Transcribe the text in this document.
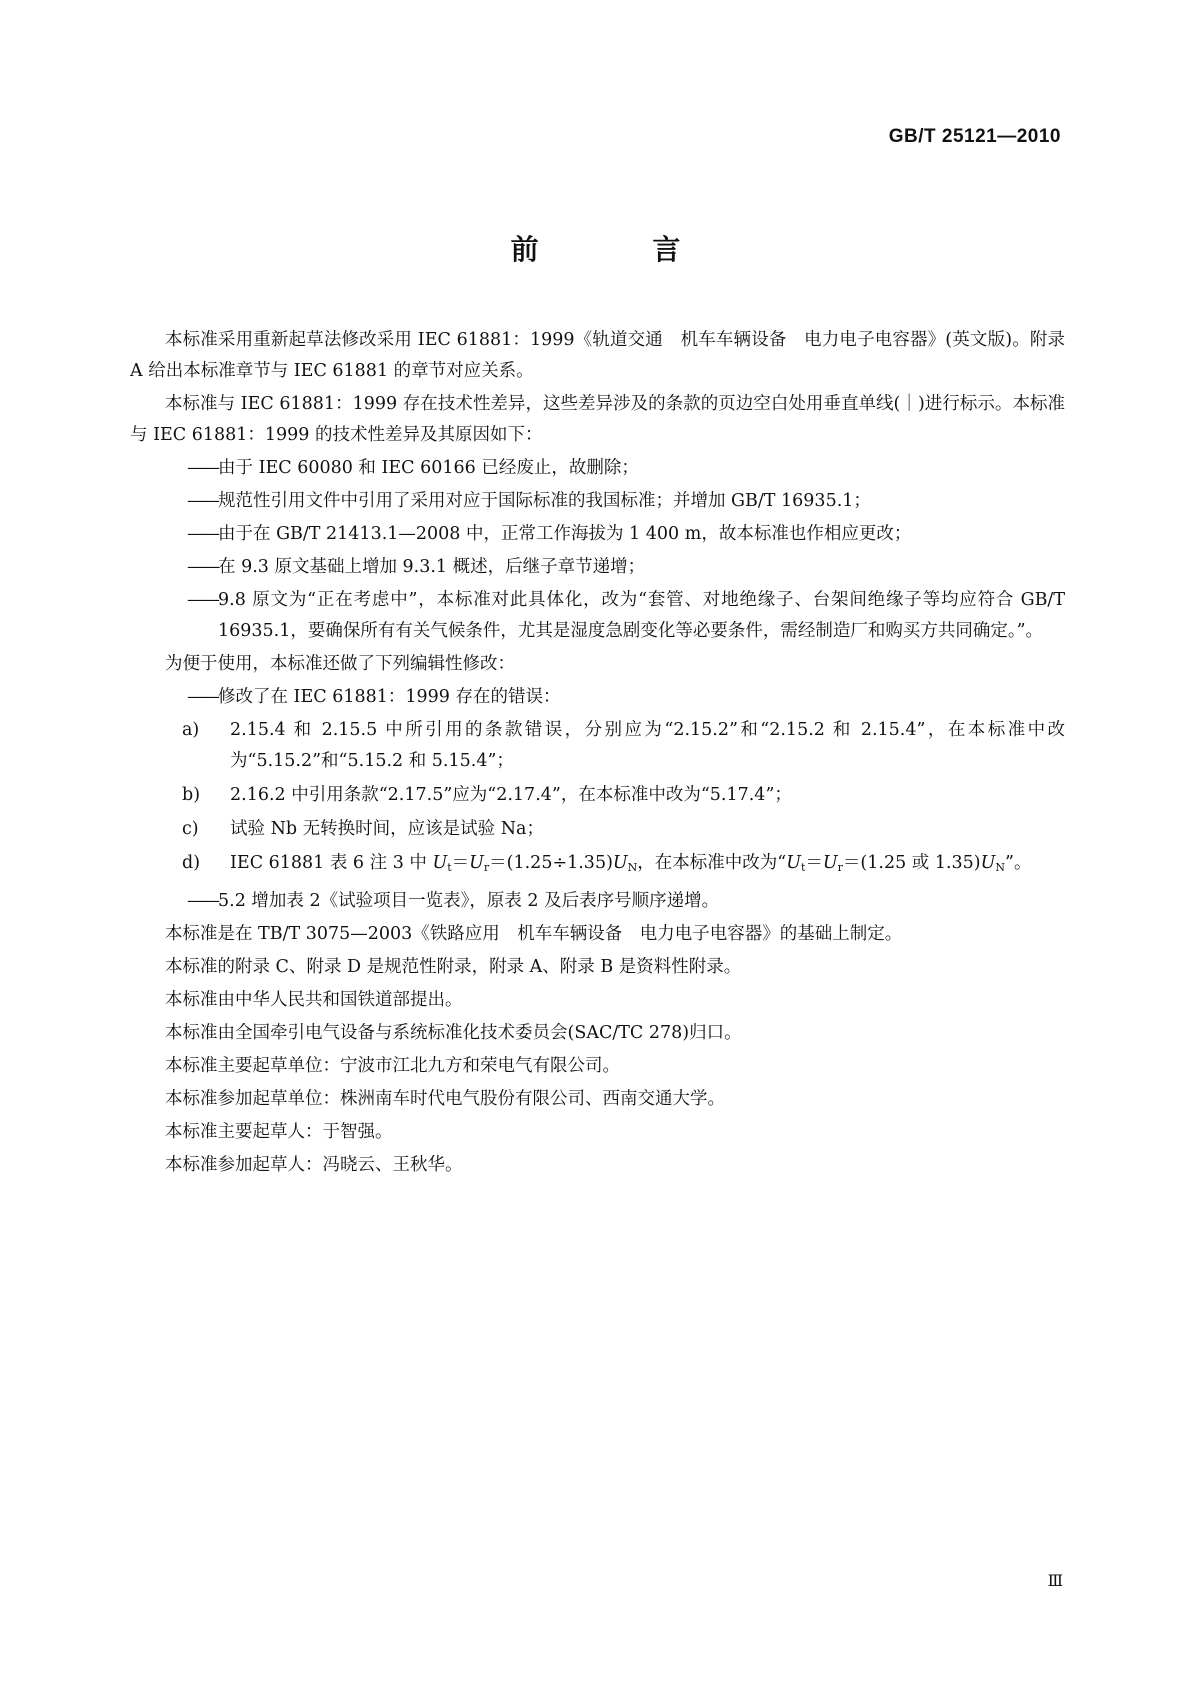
GB/T 25121—2010
前 言
本标准采用重新起草法修改采用 IEC 61881：1999《轨道交通　机车车辆设备　电力电子电容器》(英文版)。附录 A 给出本标准章节与 IEC 61881 的章节对应关系。
本标准与 IEC 61881：1999 存在技术性差异，这些差异涉及的条款的页边空白处用垂直单线(｜)进行标示。本标准与 IEC 61881：1999 的技术性差异及其原因如下：
—— 由于 IEC 60080 和 IEC 60166 已经废止，故删除；
—— 规范性引用文件中引用了采用对应于国际标准的我国标准；并增加 GB/T 16935.1；
—— 由于在 GB/T 21413.1—2008 中，正常工作海拔为 1 400 m，故本标准也作相应更改；
—— 在 9.3 原文基础上增加 9.3.1 概述，后继子章节递增；
—— 9.8 原文为“正在考虑中”，本标准对此具体化，改为“套管、对地绝缘子、台架间绝缘子等均应符合 GB/T 16935.1，要确保所有有关气候条件，尤其是湿度急剧变化等必要条件，需经制造厂和购买方共同确定。”。
为便于使用，本标准还做了下列编辑性修改：
—— 修改了在 IEC 61881：1999 存在的错误：
a)	2.15.4 和 2.15.5 中所引用的条款错误，分别应为“2.15.2”和“2.15.2 和 2.15.4”，在本标准中改为“5.15.2”和“5.15.2 和 5.15.4”；
b)	2.16.2 中引用条款“2.17.5”应为“2.17.4”，在本标准中改为“5.17.4”；
c)	试验 Nb 无转换时间，应该是试验 Na；
d)	IEC 61881 表 6 注 3 中 $U_t=U_r=(1.25\div 1.35)U_N$，在本标准中改为“$U_t=U_r=(1.25$ 或 $1.35)U_N$”。
—— 5.2 增加表 2《试验项目一览表》，原表 2 及后表序号顺序递增。
本标准是在 TB/T 3075—2003《铁路应用　机车车辆设备　电力电子电容器》的基础上制定。
本标准的附录 C、附录 D 是规范性附录，附录 A、附录 B 是资料性附录。
本标准由中华人民共和国铁道部提出。
本标准由全国牵引电气设备与系统标准化技术委员会(SAC/TC 278)归口。
本标准主要起草单位：宁波市江北九方和荣电气有限公司。
本标准参加起草单位：株洲南车时代电气股份有限公司、西南交通大学。
本标准主要起草人：于智强。
本标准参加起草人：冯晓云、王秋华。
Ⅲ
